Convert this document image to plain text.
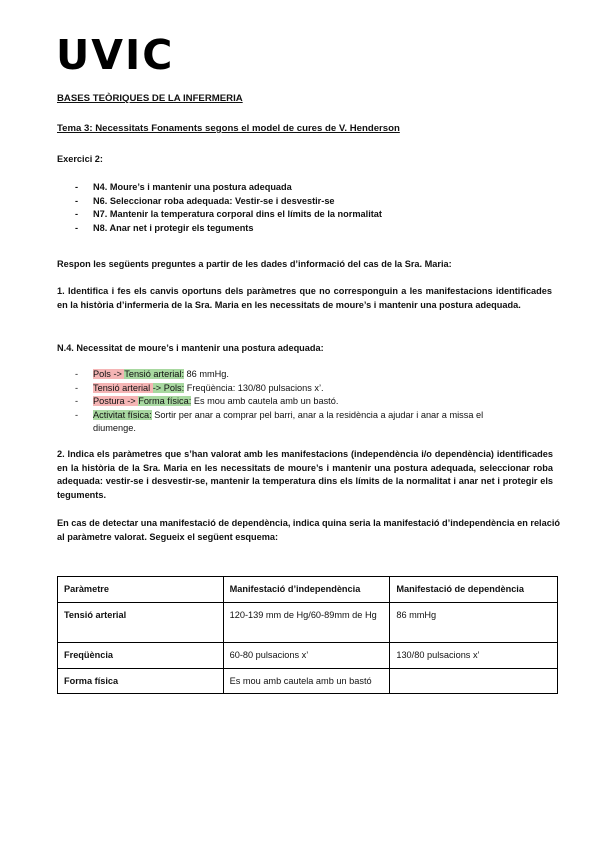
UVIC
BASES TEÒRIQUES DE LA INFERMERIA
Tema 3: Necessitats Fonaments segons el model de cures de V. Henderson
Exercici 2:
- N4. Moure’s i mantenir una postura adequada
- N6. Seleccionar roba adequada: Vestir-se i desvestir-se
- N7. Mantenir la temperatura corporal dins el límits de la normalitat
- N8. Anar net i protegir els teguments
Respon les següents preguntes a partir de les dades d’informació del cas de la Sra. Maria:
1. Identifica i fes els canvis oportuns dels paràmetres que no corresponguin a les manifestacions identificades en la història d’infermeria de la Sra. Maria en les necessitats de moure’s i mantenir una postura adequada.
N.4. Necessitat de moure’s i mantenir una postura adequada:
- Pols -> Tensió arterial: 86 mmHg.
- Tensió arterial -> Pols: Freqüència: 130/80 pulsacions x’.
- Postura -> Forma física: Es mou amb cautela amb un bastó.
- Activitat física: Sortir per anar a comprar pel barri, anar a la residència a ajudar i anar a missa el
diumenge.
2. Indica els paràmetres que s’han valorat amb les manifestacions (independència i/o dependència) identificades en la història de la Sra. Maria en les necessitats de moure’s i mantenir una postura adequada, seleccionar roba adequada: vestir-se i desvestir-se, mantenir la temperatura dins els límits de la normalitat i anar net i protegir els teguments.
En cas de detectar una manifestació de dependència, indica quina seria la manifestació d’independència en relació al paràmetre valorat. Segueix el següent esquema:
Paràmetre	Manifestació d’independència	Manifestació de dependència
Tensió arterial	120-139 mm de Hg/60-89mm de Hg	86 mmHg
Freqüència	60-80 pulsacions x’	130/80 pulsacions x’
Forma física	Es mou amb cautela amb un bastó	
